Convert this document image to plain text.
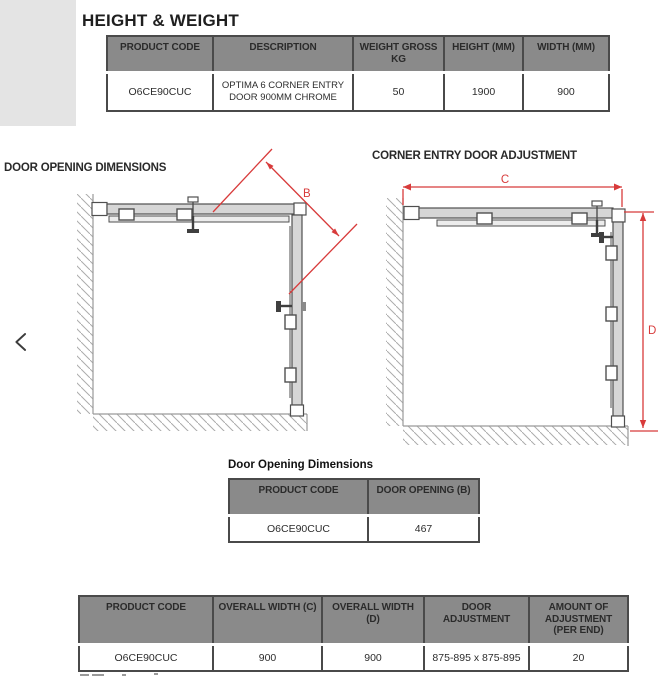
HEIGHT & WEIGHT
PRODUCT CODE	DESCRIPTION	WEIGHT GROSS KG	HEIGHT (MM)	WIDTH (MM)
O6CE90CUC	OPTIMA 6 CORNER ENTRY DOOR 900MM CHROME	50	1900	900
DOOR OPENING DIMENSIONS
CORNER ENTRY DOOR ADJUSTMENT
B
C
D
Door Opening Dimensions
PRODUCT CODE	DOOR OPENING (B)
O6CE90CUC	467
PRODUCT CODE	OVERALL WIDTH (C)	OVERALL WIDTH (D)	DOOR ADJUSTMENT	AMOUNT OF ADJUSTMENT (PER END)
O6CE90CUC	900	900	875-895 x 875-895	20
